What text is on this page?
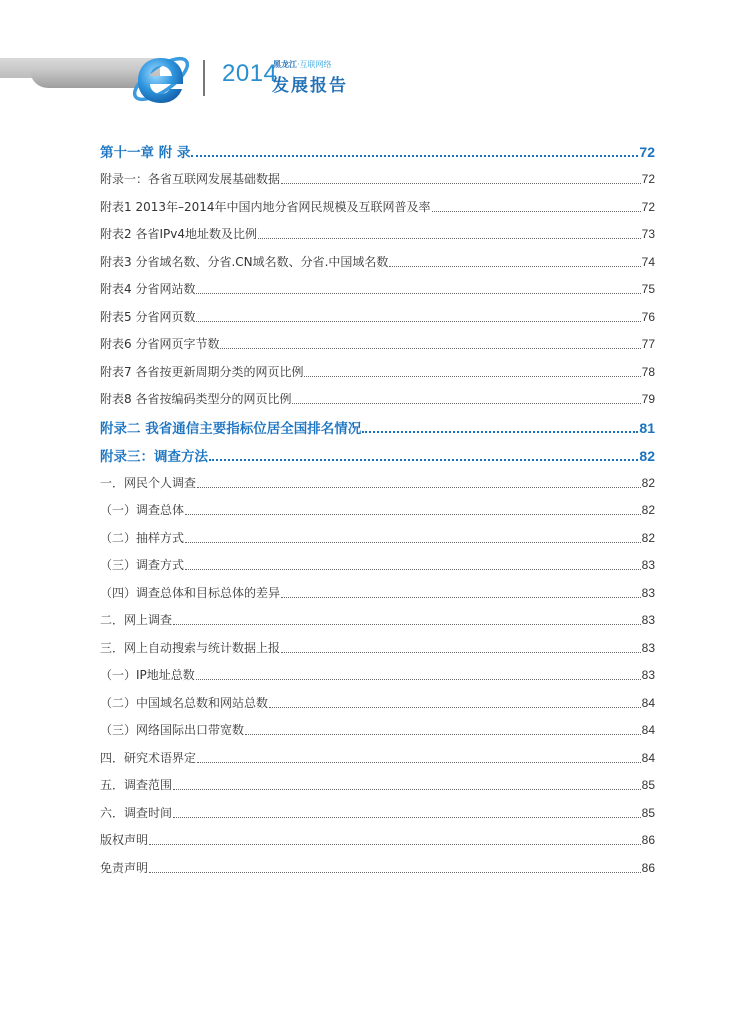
2014
黑龙江·互联网络
发展报告
第十一章 附 录	72
附录一：各省互联网发展基础数据	72
附表1 2013年–2014年中国内地分省网民规模及互联网普及率	72
附表2 各省IPv4地址数及比例	73
附表3 分省域名数、分省.CN域名数、分省.中国域名数	74
附表4 分省网站数	75
附表5 分省网页数	76
附表6 分省网页字节数	77
附表7 各省按更新周期分类的网页比例	78
附表8 各省按编码类型分的网页比例	79
附录二 我省通信主要指标位居全国排名情况	81
附录三：调查方法	82
一．网民个人调查	82
（一）调查总体	82
（二）抽样方式	82
（三）调查方式	83
（四）调查总体和目标总体的差异	83
二．网上调查	83
三．网上自动搜索与统计数据上报	83
（一）IP地址总数	83
（二）中国域名总数和网站总数	84
（三）网络国际出口带宽数	84
四．研究术语界定	84
五．调查范围	85
六．调查时间	85
版权声明	86
免责声明	86
